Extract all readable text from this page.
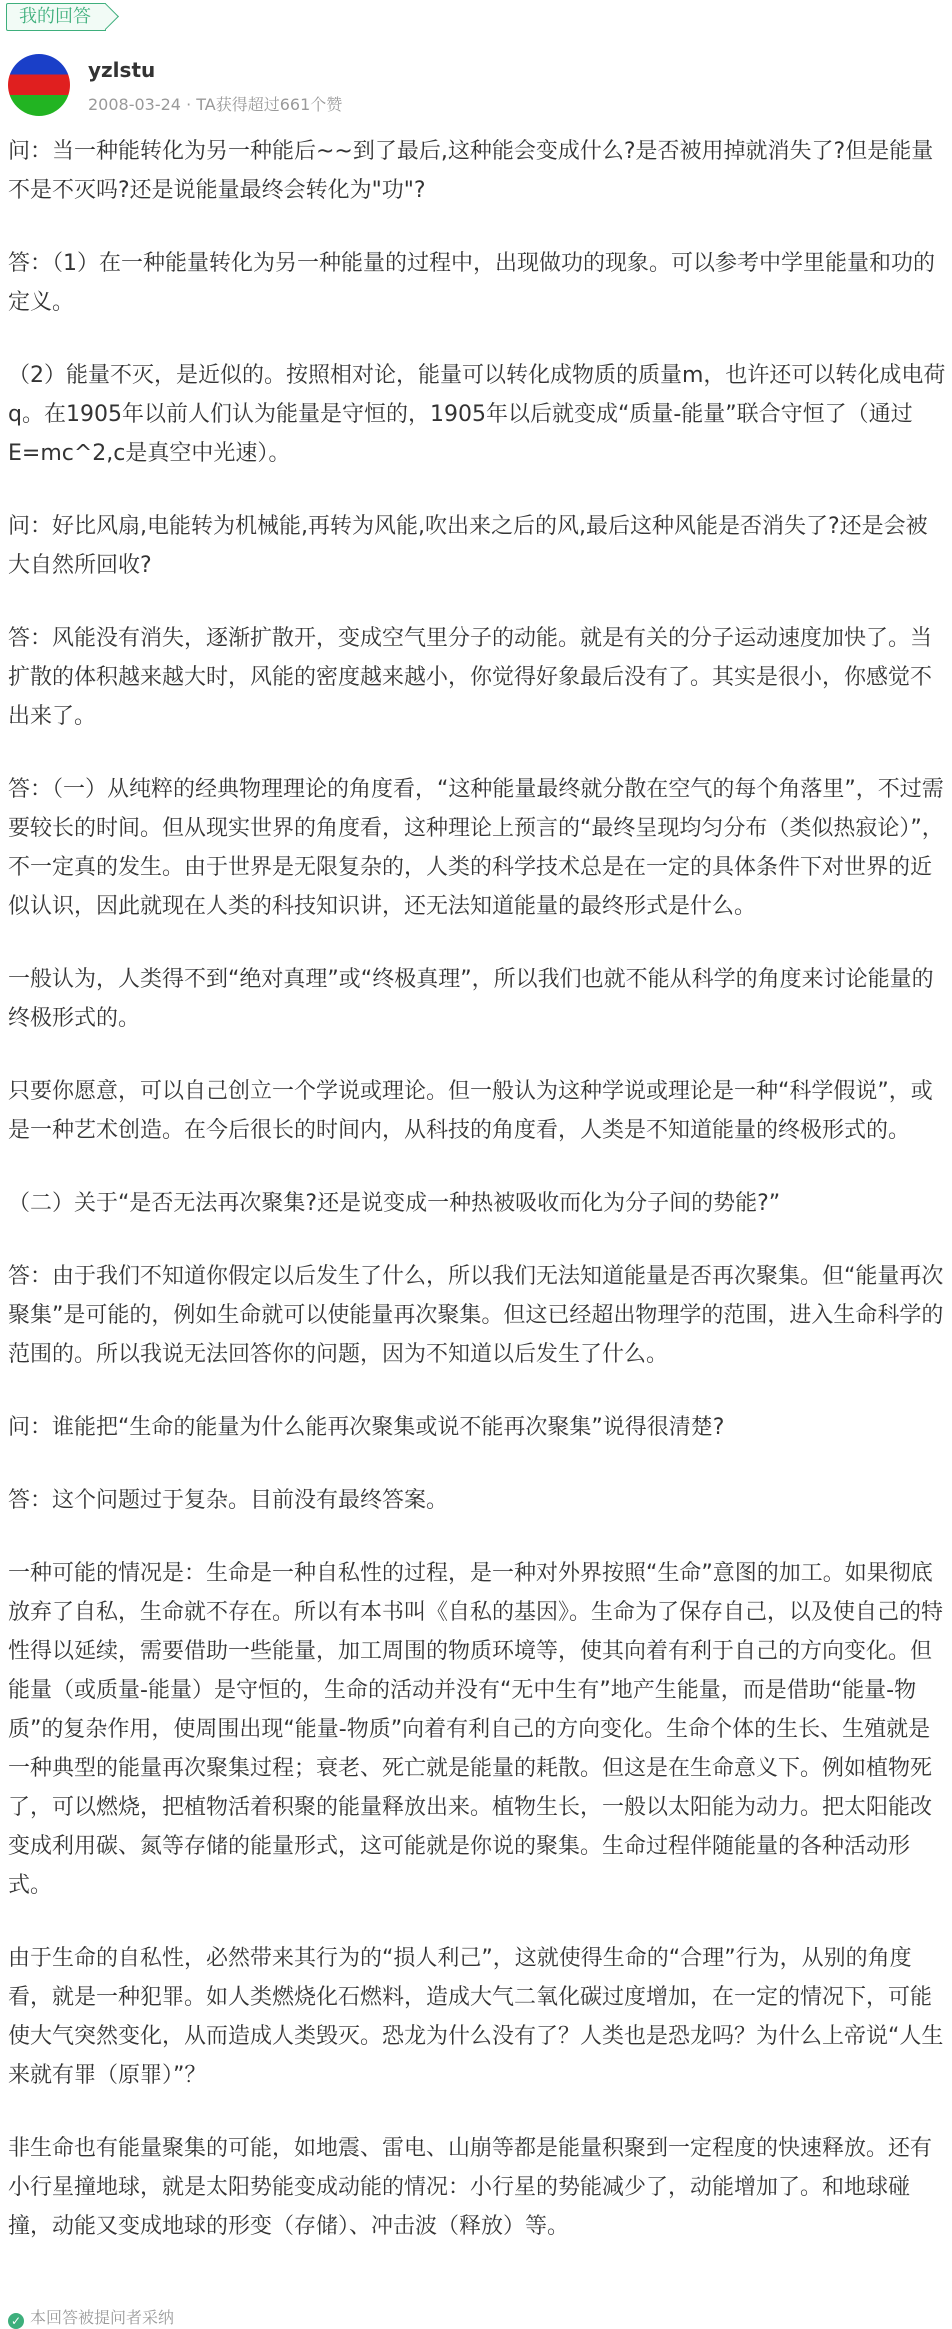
我的回答
yzlstu
2008-03-24 · TA获得超过661个赞

问：当一种能转化为另一种能后~~到了最后,这种能会变成什么?是否被用掉就消失了?但是能量不是不灭吗?还是说能量最终会转化为"功"?

答：（1）在一种能量转化为另一种能量的过程中，出现做功的现象。可以参考中学里能量和功的定义。

（2）能量不灭，是近似的。按照相对论，能量可以转化成物质的质量m，也许还可以转化成电荷q。在1905年以前人们认为能量是守恒的，1905年以后就变成“质量-能量”联合守恒了（通过E=mc^2,c是真空中光速）。

问：好比风扇,电能转为机械能,再转为风能,吹出来之后的风,最后这种风能是否消失了?还是会被大自然所回收?

答：风能没有消失，逐渐扩散开，变成空气里分子的动能。就是有关的分子运动速度加快了。当扩散的体积越来越大时，风能的密度越来越小，你觉得好象最后没有了。其实是很小，你感觉不出来了。

答：（一）从纯粹的经典物理理论的角度看，“这种能量最终就分散在空气的每个角落里”，不过需要较长的时间。但从现实世界的角度看，这种理论上预言的“最终呈现均匀分布（类似热寂论）”，不一定真的发生。由于世界是无限复杂的，人类的科学技术总是在一定的具体条件下对世界的近似认识，因此就现在人类的科技知识讲，还无法知道能量的最终形式是什么。

一般认为，人类得不到“绝对真理”或“终极真理”，所以我们也就不能从科学的角度来讨论能量的终极形式的。

只要你愿意，可以自己创立一个学说或理论。但一般认为这种学说或理论是一种“科学假说”，或是一种艺术创造。在今后很长的时间内，从科技的角度看，人类是不知道能量的终极形式的。

（二）关于“是否无法再次聚集?还是说变成一种热被吸收而化为分子间的势能?”

答：由于我们不知道你假定以后发生了什么，所以我们无法知道能量是否再次聚集。但“能量再次聚集”是可能的，例如生命就可以使能量再次聚集。但这已经超出物理学的范围，进入生命科学的范围的。所以我说无法回答你的问题，因为不知道以后发生了什么。

问：谁能把“生命的能量为什么能再次聚集或说不能再次聚集”说得很清楚?

答：这个问题过于复杂。目前没有最终答案。

一种可能的情况是：生命是一种自私性的过程，是一种对外界按照“生命”意图的加工。如果彻底放弃了自私，生命就不存在。所以有本书叫《自私的基因》。生命为了保存自己，以及使自己的特性得以延续，需要借助一些能量，加工周围的物质环境等，使其向着有利于自己的方向变化。但能量（或质量-能量）是守恒的，生命的活动并没有“无中生有”地产生能量，而是借助“能量-物质”的复杂作用，使周围出现“能量-物质”向着有利自己的方向变化。生命个体的生长、生殖就是一种典型的能量再次聚集过程；衰老、死亡就是能量的耗散。但这是在生命意义下。例如植物死了，可以燃烧，把植物活着积聚的能量释放出来。植物生长，一般以太阳能为动力。把太阳能改变成利用碳、氮等存储的能量形式，这可能就是你说的聚集。生命过程伴随能量的各种活动形式。

由于生命的自私性，必然带来其行为的“损人利己”，这就使得生命的“合理”行为，从别的角度看，就是一种犯罪。如人类燃烧化石燃料，造成大气二氧化碳过度增加，在一定的情况下，可能使大气突然变化，从而造成人类毁灭。恐龙为什么没有了？人类也是恐龙吗？为什么上帝说“人生来就有罪（原罪）”？

非生命也有能量聚集的可能，如地震、雷电、山崩等都是能量积聚到一定程度的快速释放。还有小行星撞地球，就是太阳势能变成动能的情况：小行星的势能减少了，动能增加了。和地球碰撞，动能又变成地球的形变（存储）、冲击波（释放）等。

✓ 本回答被提问者采纳
